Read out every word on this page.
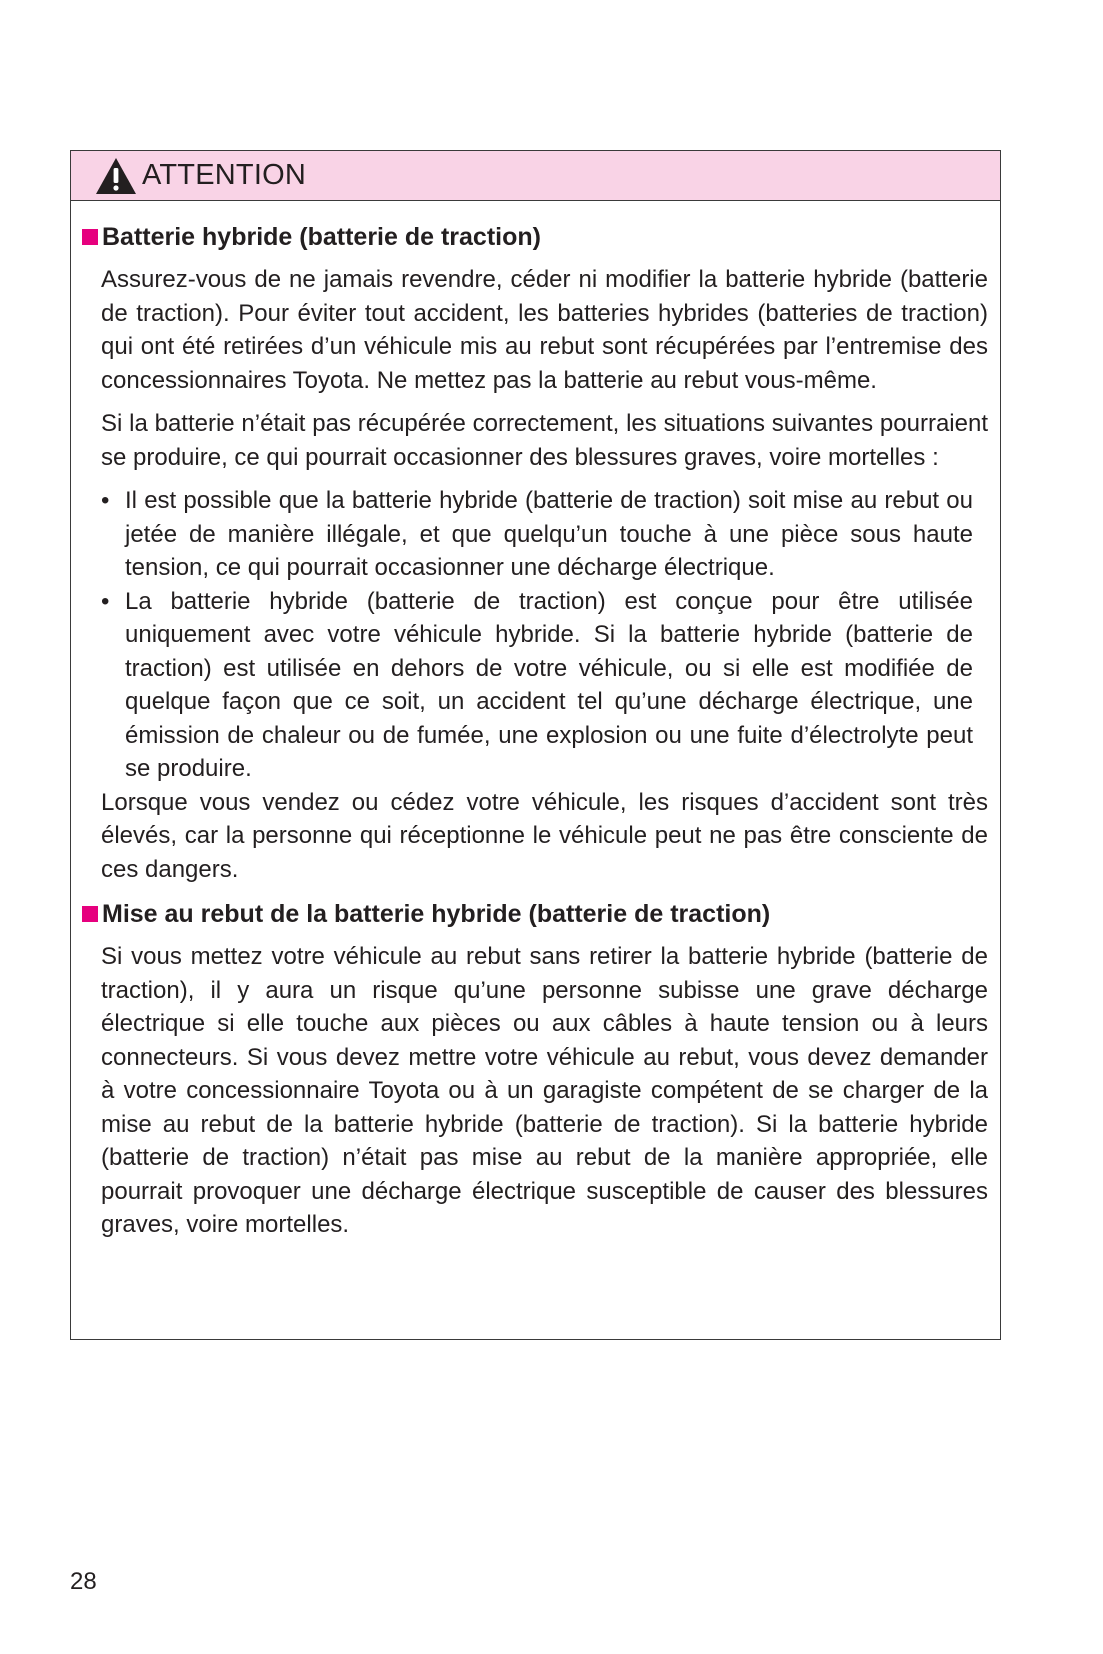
ATTENTION
Batterie hybride (batterie de traction)

Assurez-vous de ne jamais revendre, céder ni modifier la batterie hybride (batterie de traction). Pour éviter tout accident, les batteries hybrides (batteries de traction) qui ont été retirées d’un véhicule mis au rebut sont récupérées par l’entremise des concessionnaires Toyota. Ne mettez pas la batterie au rebut vous-même.

Si la batterie n’était pas récupérée correctement, les situations suivantes pourraient se produire, ce qui pourrait occasionner des blessures graves, voire mortelles :

• Il est possible que la batterie hybride (batterie de traction) soit mise au rebut ou jetée de manière illégale, et que quelqu’un touche à une pièce sous haute tension, ce qui pourrait occasionner une décharge électrique.
• La batterie hybride (batterie de traction) est conçue pour être utilisée uniquement avec votre véhicule hybride. Si la batterie hybride (batterie de traction) est utilisée en dehors de votre véhicule, ou si elle est modifiée de quelque façon que ce soit, un accident tel qu’une décharge électrique, une émission de chaleur ou de fumée, une explosion ou une fuite d’électrolyte peut se produire.

Lorsque vous vendez ou cédez votre véhicule, les risques d’accident sont très élevés, car la personne qui réceptionne le véhicule peut ne pas être consciente de ces dangers.

Mise au rebut de la batterie hybride (batterie de traction)

Si vous mettez votre véhicule au rebut sans retirer la batterie hybride (batterie de traction), il y aura un risque qu’une personne subisse une grave décharge électrique si elle touche aux pièces ou aux câbles à haute tension ou à leurs connecteurs. Si vous devez mettre votre véhicule au rebut, vous devez demander à votre concessionnaire Toyota ou à un garagiste compétent de se charger de la mise au rebut de la batterie hybride (batterie de traction). Si la batterie hybride (batterie de traction) n’était pas mise au rebut de la manière appropriée, elle pourrait provoquer une décharge électrique susceptible de causer des blessures graves, voire mortelles.

28
